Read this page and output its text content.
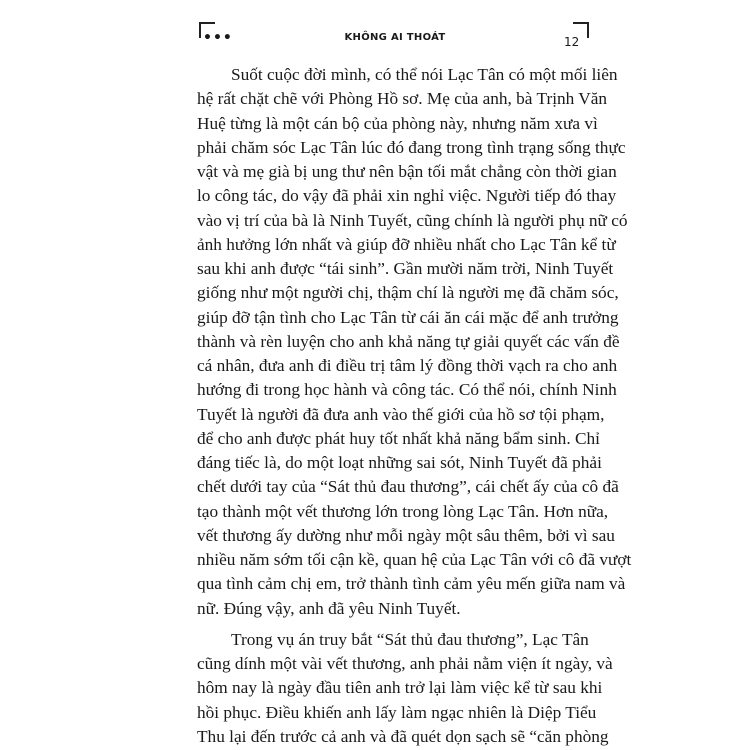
•••	KHÔNG AI THOÁT	12
Suốt cuộc đời mình, có thể nói Lạc Tân có một mối liên
hệ rất chặt chẽ với Phòng Hồ sơ. Mẹ của anh, bà Trịnh Văn
Huệ từng là một cán bộ của phòng này, nhưng năm xưa vì
phải chăm sóc Lạc Tân lúc đó đang trong tình trạng sống thực
vật và mẹ già bị ung thư nên bận tối mắt chẳng còn thời gian
lo công tác, do vậy đã phải xin nghỉ việc. Người tiếp đó thay
vào vị trí của bà là Ninh Tuyết, cũng chính là người phụ nữ có
ảnh hưởng lớn nhất và giúp đỡ nhiều nhất cho Lạc Tân kể từ
sau khi anh được “tái sinh”. Gần mười năm trời, Ninh Tuyết
giống như một người chị, thậm chí là người mẹ đã chăm sóc,
giúp đỡ tận tình cho Lạc Tân từ cái ăn cái mặc để anh trưởng
thành và rèn luyện cho anh khả năng tự giải quyết các vấn đề
cá nhân, đưa anh đi điều trị tâm lý đồng thời vạch ra cho anh
hướng đi trong học hành và công tác. Có thể nói, chính Ninh
Tuyết là người đã đưa anh vào thế giới của hồ sơ tội phạm,
để cho anh được phát huy tốt nhất khả năng bẩm sinh. Chỉ
đáng tiếc là, do một loạt những sai sót, Ninh Tuyết đã phải
chết dưới tay của “Sát thủ đau thương”, cái chết ấy của cô đã
tạo thành một vết thương lớn trong lòng Lạc Tân. Hơn nữa,
vết thương ấy dường như mỗi ngày một sâu thêm, bởi vì sau
nhiều năm sớm tối cận kề, quan hệ của Lạc Tân với cô đã vượt
qua tình cảm chị em, trở thành tình cảm yêu mến giữa nam và
nữ. Đúng vậy, anh đã yêu Ninh Tuyết.
Trong vụ án truy bắt “Sát thủ đau thương”, Lạc Tân
cũng dính một vài vết thương, anh phải nằm viện ít ngày, và
hôm nay là ngày đầu tiên anh trở lại làm việc kể từ sau khi
hồi phục. Điều khiến anh lấy làm ngạc nhiên là Diệp Tiểu
Thu lại đến trước cả anh và đã quét dọn sạch sẽ “căn phòng
